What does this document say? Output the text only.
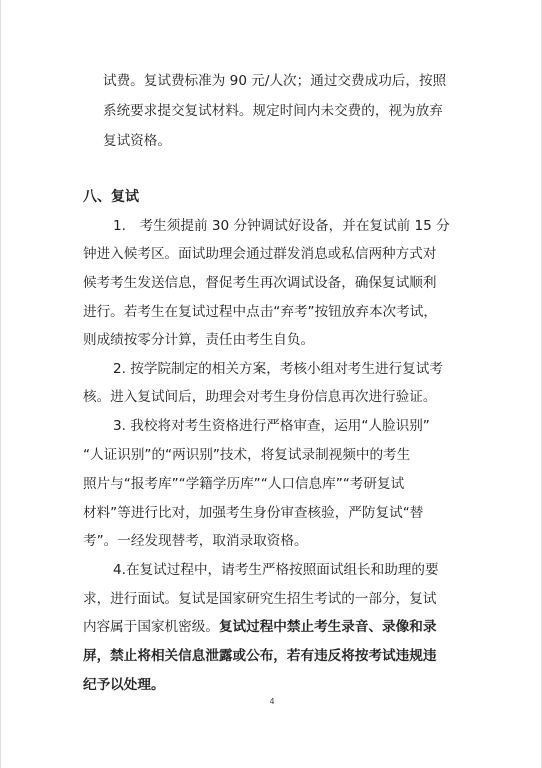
试费。复试费标准为 90 元/人次；通过交费成功后，按照
系统要求提交复试材料。规定时间内未交费的，视为放弃
复试资格。
八、复试
1.　考生须提前 30 分钟调试好设备，并在复试前 15 分
钟进入候考区。面试助理会通过群发消息或私信两种方式对
候考考生发送信息，督促考生再次调试设备，确保复试顺利
进行。若考生在复试过程中点击“弃考”按钮放弃本次考试，
则成绩按零分计算，责任由考生自负。
2. 按学院制定的相关方案，考核小组对考生进行复试考
核。进入复试间后，助理会对考生身份信息再次进行验证。
3. 我校将对考生资格进行严格审查，运用“人脸识别”
“人证识别”的“两识别”技术，将复试录制视频中的考生
照片与“报考库”“学籍学历库”“人口信息库”“考研复试
材料”等进行比对，加强考生身份审查核验，严防复试“替
考”。一经发现替考，取消录取资格。
4.在复试过程中，请考生严格按照面试组长和助理的要
求，进行面试。复试是国家研究生招生考试的一部分，复试
内容属于国家机密级。复试过程中禁止考生录音、录像和录
屏，禁止将相关信息泄露或公布，若有违反将按考试违规违
纪予以处理。
4
